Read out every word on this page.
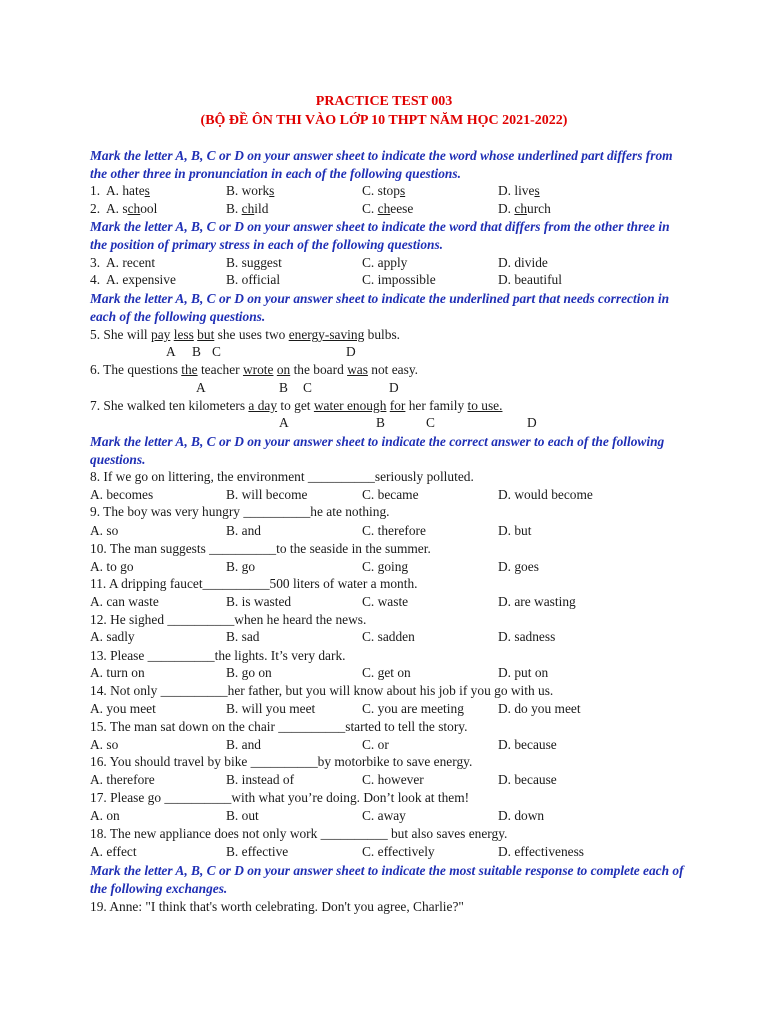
PRACTICE TEST 003
(BỘ ĐỀ ÔN THI VÀO LỚP 10 THPT NĂM HỌC 2021-2022)
Mark the letter A, B, C or D on your answer sheet to indicate the word whose underlined part differs from the other three in pronunciation in each of the following questions.
1. A. hates	B. works	C. stops	D. lives
2. A. school	B. child	C. cheese	D. church
Mark the letter A, B, C or D on your answer sheet to indicate the word that differs from the other three in the position of primary stress in each of the following questions.
3. A. recent	B. suggest	C. apply	D. divide
4. A. expensive	B. official	C. impossible	D. beautiful
Mark the letter A, B, C or D on your answer sheet to indicate the underlined part that needs correction in each of the following questions.
5. She will pay less but she uses two energy-saving bulbs.
A B C	D
6. The questions the teacher wrote on the board was not easy.
A	B C	D
7. She walked ten kilometers a day to get water enough for her family to use.
A	B	C	D
Mark the letter A, B, C or D on your answer sheet to indicate the correct answer to each of the following questions.
8. If we go on littering, the environment __________seriously polluted.
A. becomes	B. will become	C. became	D. would become
9. The boy was very hungry __________he ate nothing.
A. so	B. and	C. therefore	D. but
10. The man suggests __________to the seaside in the summer.
A. to go	B. go	C. going	D. goes
11. A dripping faucet__________500 liters of water a month.
A. can waste	B. is wasted	C. waste	D. are wasting
12. He sighed __________when he heard the news.
A. sadly	B. sad	C. sadden	D. sadness
13. Please __________the lights. It’s very dark.
A. turn on	B. go on	C. get on	D. put on
14. Not only __________her father, but you will know about his job if you go with us.
A. you meet	B. will you meet	C. you are meeting	D. do you meet
15. The man sat down on the chair __________started to tell the story.
A. so	B. and	C. or	D. because
16. You should travel by bike __________by motorbike to save energy.
A. therefore	B. instead of	C. however	D. because
17. Please go __________with what you’re doing. Don’t look at them!
A. on	B. out	C. away	D. down
18. The new appliance does not only work __________ but also saves energy.
A. effect	B. effective	C. effectively	D. effectiveness
Mark the letter A, B, C or D on your answer sheet to indicate the most suitable response to complete each of the following exchanges.
19. Anne: "I think that's worth celebrating. Don't you agree, Charlie?"
